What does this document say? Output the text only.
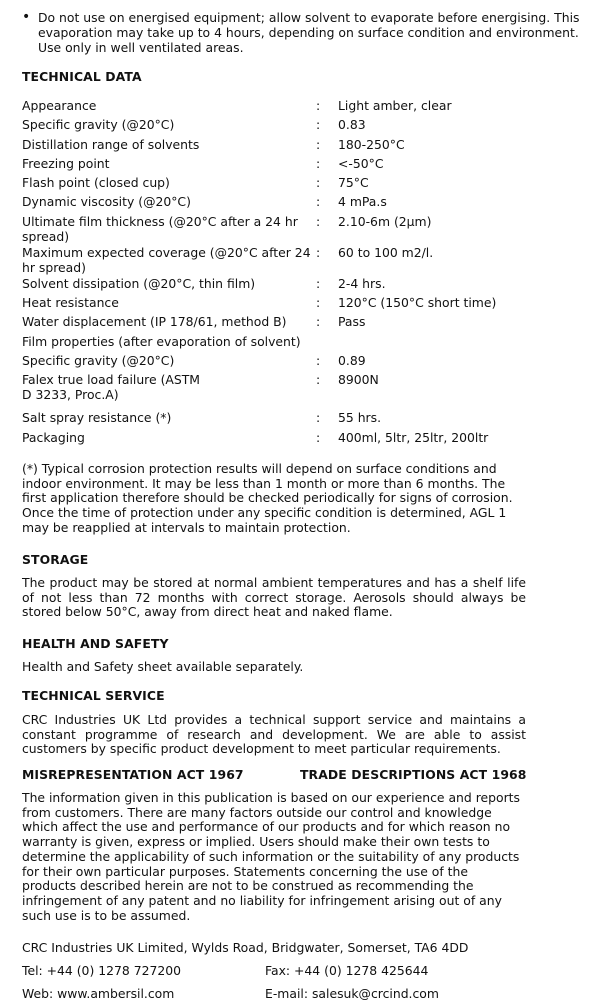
• Do not use on energised equipment; allow solvent to evaporate before energising. This evaporation may take up to 4 hours, depending on surface condition and environment. Use only in well ventilated areas.
TECHNICAL DATA
Appearance	:	Light amber, clear
Specific gravity (@20°C)	:	0.83
Distillation range of solvents	:	180-250°C
Freezing point	:	<-50°C
Flash point (closed cup)	:	75°C
Dynamic viscosity (@20°C)	:	4 mPa.s
Ultimate film thickness (@20°C after a 24 hr spread)
:	2.10-6m (2μm)
Maximum expected coverage (@20°C after 24 hr spread)
:	60 to 100 m2/l.
Solvent dissipation (@20°C, thin film)	:	2-4 hrs.
Heat resistance	:	120°C (150°C short time)
Water displacement (IP 178/61, method B)	:	Pass
Film properties (after evaporation of solvent)
Specific gravity (@20°C)	:	0.89
Falex true load failure (ASTM D 3233, Proc.A)
:	8900N
Salt spray resistance (*)	:	55 hrs.
Packaging	:	400ml, 5ltr, 25ltr, 200ltr
(*) Typical corrosion protection results will depend on surface conditions and indoor environment. It may be less than 1 month or more than 6 months. The first application therefore should be checked periodically for signs of corrosion. Once the time of protection under any specific condition is determined, AGL 1 may be reapplied at intervals to maintain protection.
STORAGE
The product may be stored at normal ambient temperatures and has a shelf life of not less than 72 months with correct storage. Aerosols should always be stored below 50°C, away from direct heat and naked flame.
HEALTH AND SAFETY
Health and Safety sheet available separately.
TECHNICAL SERVICE
CRC Industries UK Ltd provides a technical support service and maintains a constant programme of research and development. We are able to assist customers by specific product development to meet particular requirements.
MISREPRESENTATION ACT 1967	TRADE DESCRIPTIONS ACT 1968
The information given in this publication is based on our experience and reports from customers. There are many factors outside our control and knowledge which affect the use and performance of our products and for which reason no warranty is given, express or implied. Users should make their own tests to determine the applicability of such information or the suitability of any products for their own particular purposes. Statements concerning the use of the products described herein are not to be construed as recommending the infringement of any patent and no liability for infringement arising out of any such use is to be assumed.
CRC Industries UK Limited, Wylds Road, Bridgwater, Somerset, TA6 4DD
Tel: +44 (0) 1278 727200	Fax: +44 (0) 1278 425644
Web: www.ambersil.com	E-mail: salesuk@crcind.com
